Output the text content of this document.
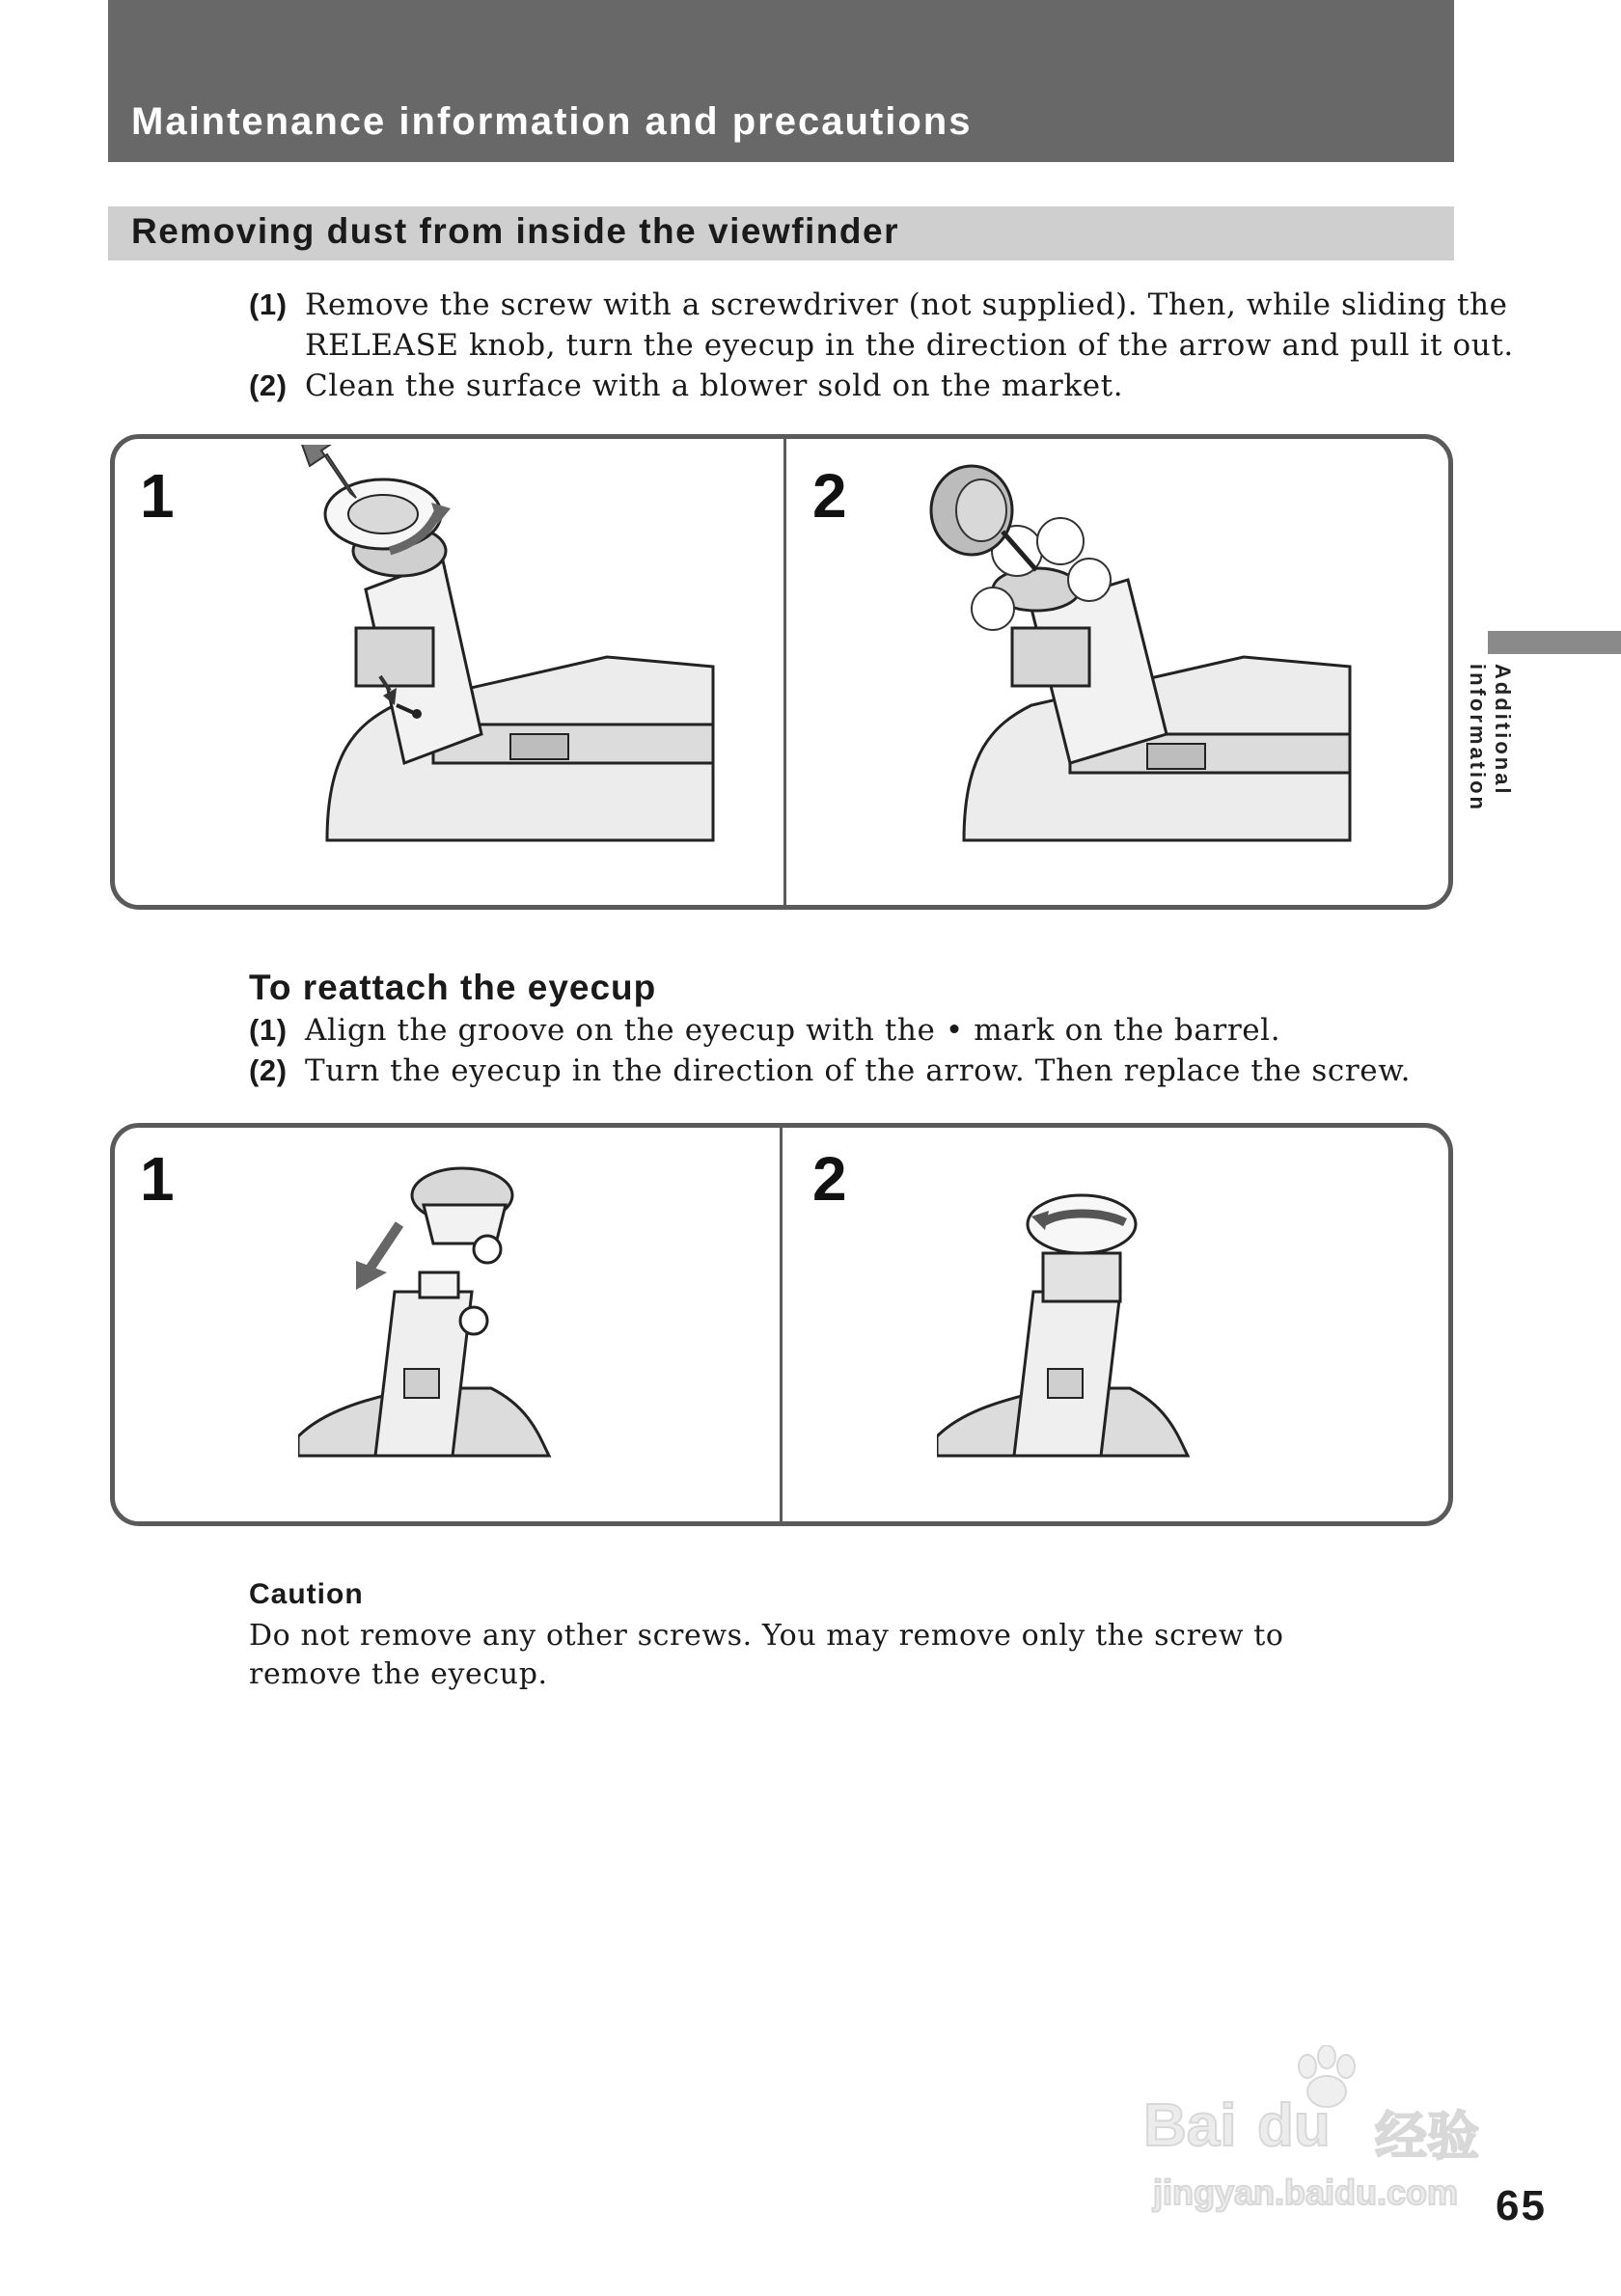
Maintenance information and precautions
Removing dust from inside the viewfinder
(1) Remove the screw with a screwdriver (not supplied). Then, while sliding the
RELEASE knob, turn the eyecup in the direction of the arrow and pull it out.
(2) Clean the surface with a blower sold on the market.
1	2
To reattach the eyecup
(1) Align the groove on the eyecup with the • mark on the barrel.
(2) Turn the eyecup in the direction of the arrow. Then replace the screw.
1	2
Caution
Do not remove any other screws. You may remove only the screw to remove the eyecup.
Additional information
65
Bai du 经验
jingyan.baidu.com
